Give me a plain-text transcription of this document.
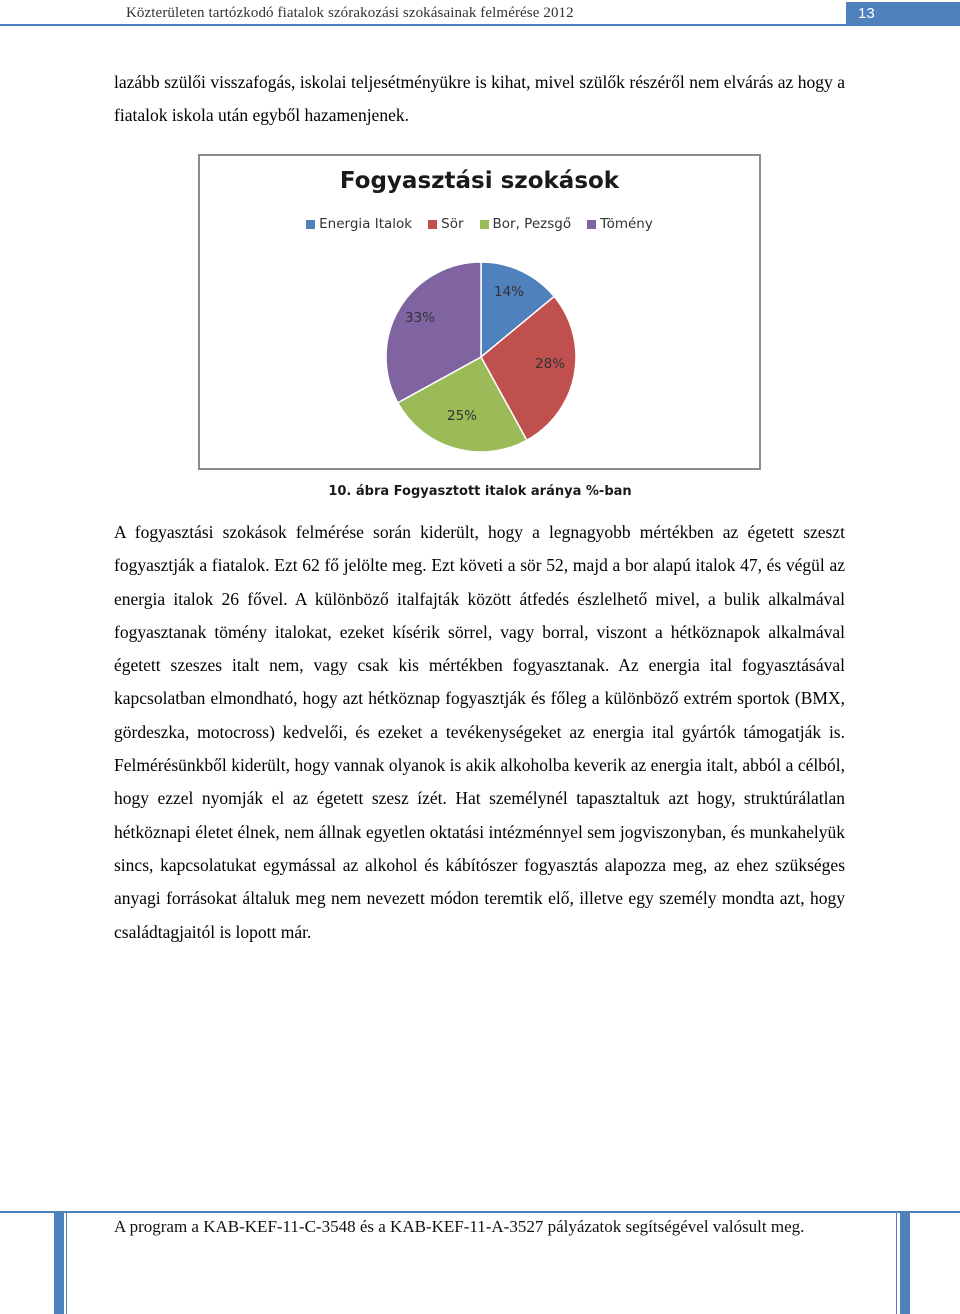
Közterületen tartózkodó fiatalok szórakozási szokásainak felmérése 2012	13

lazább szülői visszafogás, iskolai teljesétményükre is kihat, mivel szülők részéről nem elvárás az hogy a fiatalok iskola után egyből hazamenjenek.

Fogyasztási szokások
Energia Italok Sör Bor, Pezsgő Tömény
14%
28%
25%
33%
10. ábra Fogyasztott italok aránya %-ban

A fogyasztási szokások felmérése során kiderült, hogy a legnagyobb mértékben az égetett szeszt fogyasztják a fiatalok. Ezt 62 fő jelölte meg. Ezt követi a sör 52, majd a bor alapú italok 47, és végül az energia italok 26 fővel. A különböző italfajták között átfedés észlelhető mivel, a bulik alkalmával fogyasztanak tömény italokat, ezeket kísérik sörrel, vagy borral, viszont a hétköznapok alkalmával égetett szeszes italt nem, vagy csak kis mértékben fogyasztanak. Az energia ital fogyasztásával kapcsolatban elmondható, hogy azt hétköznap fogyasztják és főleg a különböző extrém sportok (BMX, gördeszka, motocross) kedvelői, és ezeket a tevékenységeket az energia ital gyártók támogatják is. Felmérésünkből kiderült, hogy vannak olyanok is akik alkoholba keverik az energia italt, abból a célból, hogy ezzel nyomják el az égetett szesz ízét. Hat személynél tapasztaltuk azt hogy, struktúrálatlan hétköznapi életet élnek, nem állnak egyetlen oktatási intézménnyel sem jogviszonyban, és munkahelyük sincs, kapcsolatukat egymással az alkohol és kábítószer fogyasztás alapozza meg, az ehez szükséges anyagi forrásokat általuk meg nem nevezett módon teremtik elő, illetve egy személy mondta azt, hogy családtagjaitól is lopott már.

A program a KAB-KEF-11-C-3548 és a KAB-KEF-11-A-3527 pályázatok segítségével valósult meg.
